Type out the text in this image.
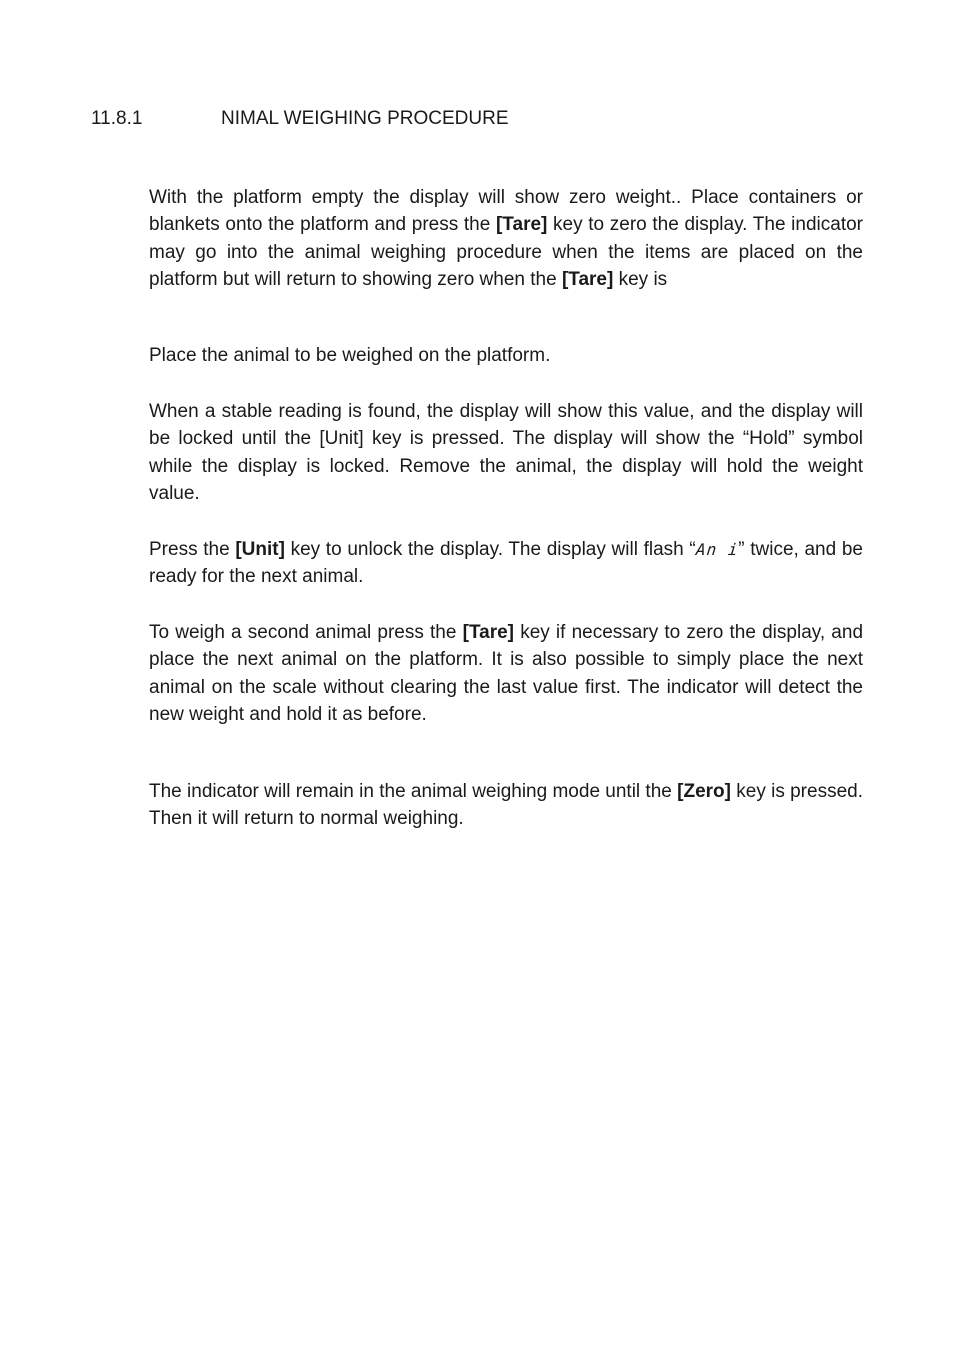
11.8.1	NIMAL WEIGHING PROCEDURE

With the platform empty the display will show zero weight.. Place containers or blankets onto the platform and press the [Tare] key to zero the display. The indicator may go into the animal weighing procedure when the items are placed on the platform but will return to showing zero when the [Tare] key is

Place the animal to be weighed on the platform.

When a stable reading is found, the display will show this value, and the display will be locked until the [Unit] key is pressed. The display will show the “Hold” symbol while the display is locked. Remove the animal, the display will hold the weight value.

Press the [Unit] key to unlock the display. The display will flash “An i” twice, and be ready for the next animal.

To weigh a second animal press the [Tare] key if necessary to zero the display, and place the next animal on the platform. It is also possible to simply place the next animal on the scale without clearing the last value first. The indicator will detect the new weight and hold it as before.

The indicator will remain in the animal weighing mode until the [Zero] key is pressed. Then it will return to normal weighing.
